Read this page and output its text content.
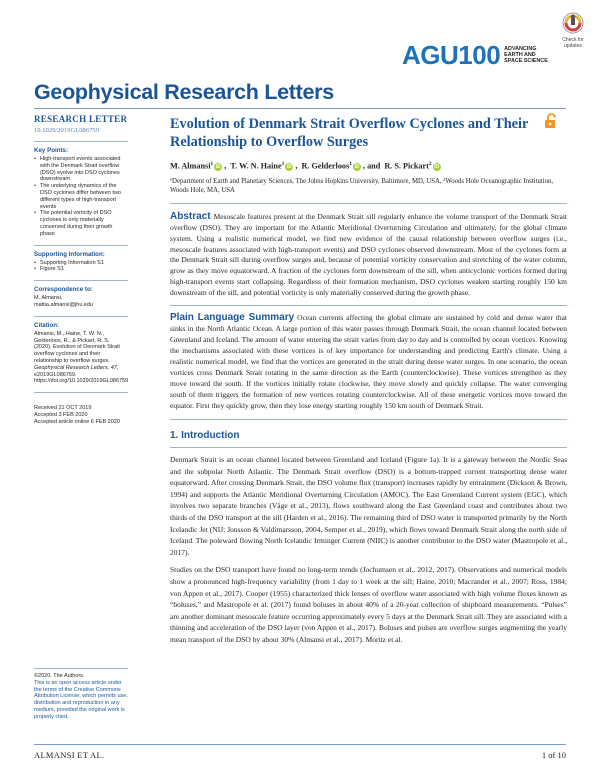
Check for updates
AGU100 ADVANCING
EARTH AND
SPACE SCIENCE
Geophysical Research Letters
RESEARCH LETTER
10.1029/2019GL086759
Key Points:
• High-transport events associated with the Denmark Strait overflow (DSO) evolve into DSO cyclones downstream
• The underlying dynamics of the DSO cyclones differ between two different types of high-transport events
• The potential vorticity of DSO cyclones is only materially conserved during their growth phase
Supporting Information:
• Supporting Information S1
• Figure S1
Correspondence to:
M. Almansi,
mattia.almansi@jhu.edu
Citation:
Almansi, M., Haine, T. W. N., Gelderloos, R., & Pickart, R. S. (2020). Evolution of Denmark Strait overflow cyclones and their relationship to overflow surges. Geophysical Research Letters, 47, e2019GL086759. https://doi.org/10.1029/2019GL086759
Received 21 OCT 2019
Accepted 3 FEB 2020
Accepted article online 6 FEB 2020
Evolution of Denmark Strait Overflow Cyclones and Their Relationship to Overflow Surges
M. Almansi$^1$ iD , T. W. N. Haine$^1$ iD , R. Gelderloos$^1$ iD , and R. S. Pickart$^2$ iD
¹Department of Earth and Planetary Sciences, The Johns Hopkins University, Baltimore, MD, USA, ²Woods Hole Oceanographic Institution, Woods Hole, MA, USA
Abstract Mesoscale features present at the Denmark Strait sill regularly enhance the volume transport of the Denmark Strait overflow (DSO). They are important for the Atlantic Meridional Overturning Circulation and ultimately, for the global climate system. Using a realistic numerical model, we find new evidence of the causal relationship between overflow surges (i.e., mesoscale features associated with high-transport events) and DSO cyclones observed downstream. Most of the cyclones form at the Denmark Strait sill during overflow surges and, because of potential vorticity conservation and stretching of the water column, grow as they move equatorward. A fraction of the cyclones form downstream of the sill, when anticyclonic vortices formed during high-transport events start collapsing. Regardless of their formation mechanism, DSO cyclones weaken starting roughly 150 km downstream of the sill, and potential vorticity is only materially conserved during the growth phase.
Plain Language Summary Ocean currents affecting the global climate are sustained by cold and dense water that sinks in the North Atlantic Ocean. A large portion of this water passes through Denmark Strait, the ocean channel located between Greenland and Iceland. The amount of water entering the strait varies from day to day and is controlled by ocean vortices. Knowing the mechanisms associated with these vortices is of key importance for understanding and predicting Earth's climate. Using a realistic numerical model, we find that the vortices are generated in the strait during dense water surges. In one scenario, the ocean vortices cross Denmark Strait rotating in the same direction as the Earth (counterclockwise). These vortices strengthen as they move toward the south. If the vortices initially rotate clockwise, they move slowly and quickly collapse. The water converging south of them triggers the formation of new vortices rotating counterclockwise. All of these energetic vortices move toward the equator. First they quickly grow, then they lose energy starting roughly 150 km south of Denmark Strait.
1. Introduction
Denmark Strait is an ocean channel located between Greenland and Iceland (Figure 1a). It is a gateway between the Nordic Seas and the subpolar North Atlantic. The Denmark Strait overflow (DSO) is a bottom-trapped current transporting dense water equatorward. After crossing Denmark Strait, the DSO volume flux (transport) increases rapidly by entrainment (Dickson & Brown, 1994) and supports the Atlantic Meridional Overturning Circulation (AMOC). The East Greenland Current system (EGC), which involves two separate branches (Våge et al., 2013), flows southward along the East Greenland coast and contributes about two thirds of the DSO transport at the sill (Harden et al., 2016). The remaining third of DSO water is transported primarily by the North Icelandic Jet (NIJ; Jonsson & Valdimarsson, 2004, Semper et al., 2019), which flows toward Denmark Strait along the north side of Iceland. The poleward flowing North Icelandic Irminger Current (NIIC) is another contributor to the DSO water (Mastropole et al., 2017).
Studies on the DSO transport have found no long-term trends (Jochumsen et al., 2012, 2017). Observations and numerical models show a pronounced high-frequency variability (from 1 day to 1 week at the sill; Haine, 2010; Macrander et al., 2007; Ross, 1984; von Appen et al., 2017). Cooper (1955) characterized thick lenses of overflow water associated with high volume fluxes known as “boluses,” and Mastropole et al. (2017) found boluses in about 40% of a 20-year collection of shipboard measurements. “Pulses” are another dominant mesoscale feature occurring approximately every 5 days at the Denmark Strait sill. They are associated with a thinning and acceleration of the DSO layer (von Appen et al., 2017). Boluses and pulses are overflow surges augmenting the yearly mean transport of the DSO by about 30% (Almansi et al., 2017). Moritz et al.
©2020. The Authors.
This is an open access article under the terms of the Creative Commons Attribution License, which permits use, distribution and reproduction in any medium, provided the original work is properly cited.
ALMANSI ET AL.	1 of 10
